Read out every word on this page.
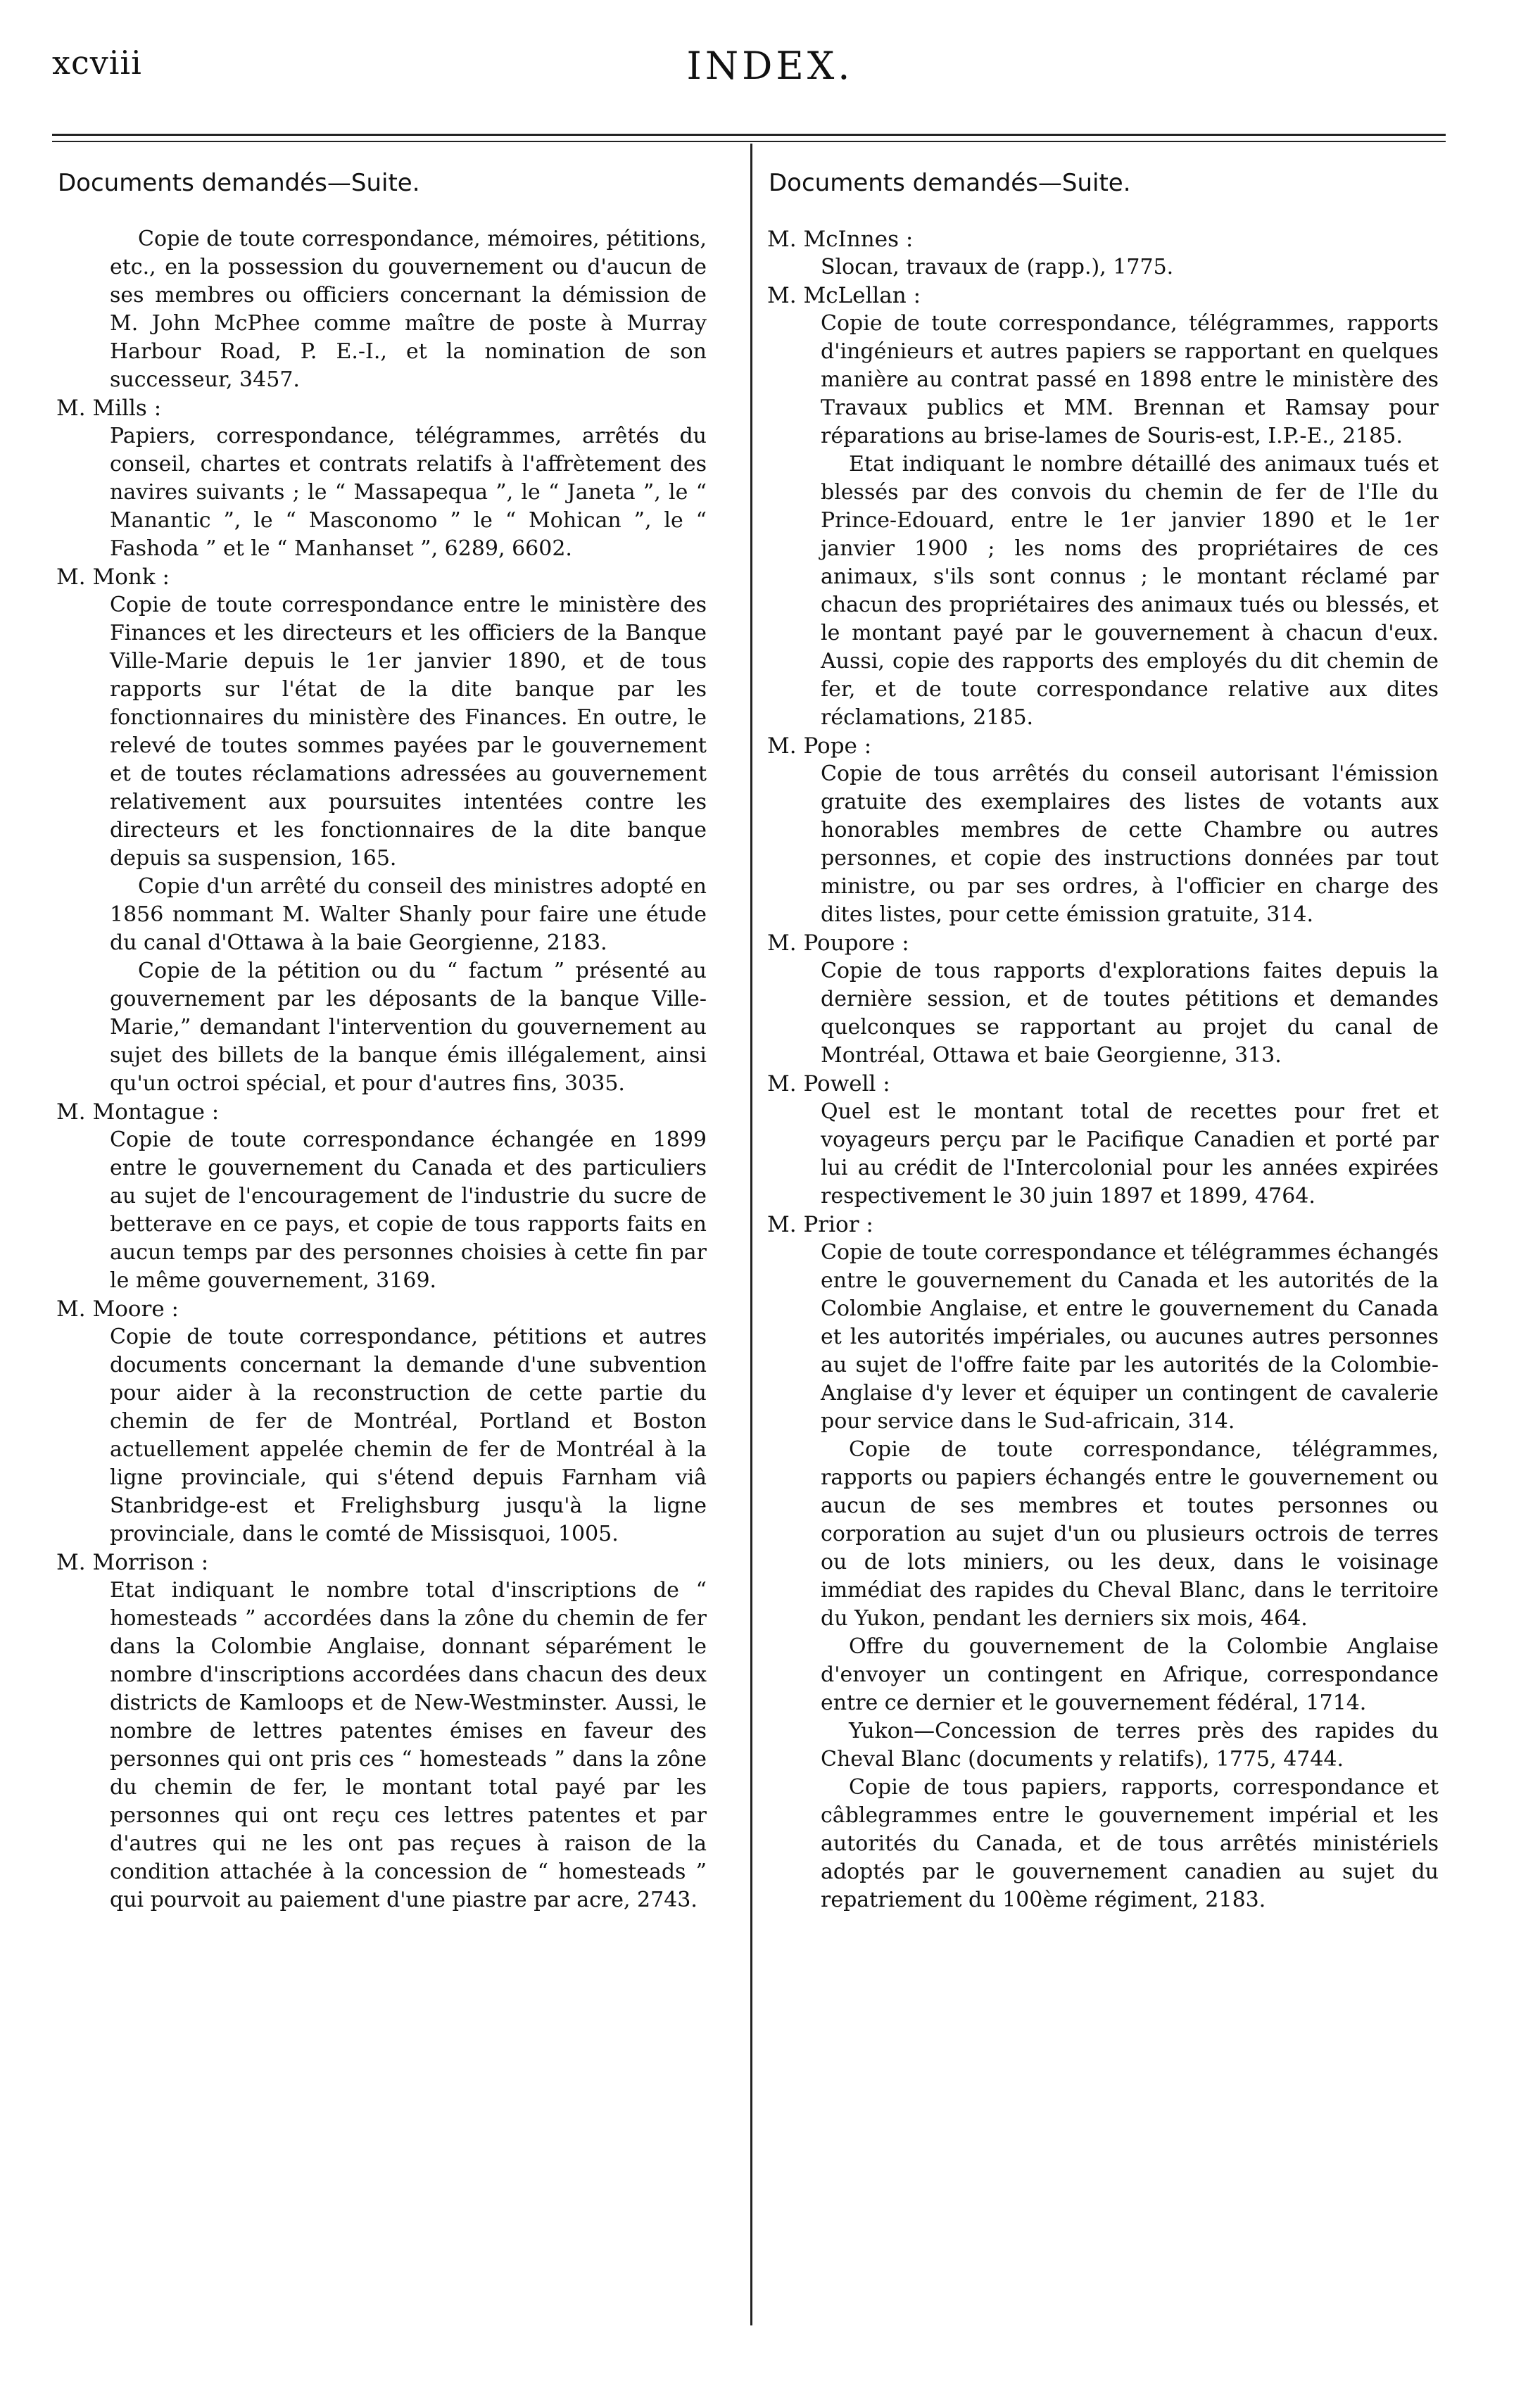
xcviii	INDEX.
Documents demandés—Suite.

Copie de toute correspondance, mémoires, pétitions, etc., en la possession du gouvernement ou d'aucun de ses membres ou officiers concernant la démission de M. John McPhee comme maître de poste à Murray Harbour Road, P. E.-I., et la nomination de son successeur, 3457.

M. Mills :

Papiers, correspondance, télégrammes, arrêtés du conseil, chartes et contrats relatifs à l'affrètement des navires suivants ; le “ Massapequa ”, le “ Janeta ”, le “ Manantic ”, le “ Masconomo ” le “ Mohican ”, le “ Fashoda ” et le “ Manhanset ”, 6289, 6602.

M. Monk :

Copie de toute correspondance entre le ministère des Finances et les directeurs et les officiers de la Banque Ville-Marie depuis le 1er janvier 1890, et de tous rapports sur l'état de la dite banque par les fonctionnaires du ministère des Finances. En outre, le relevé de toutes sommes payées par le gouvernement et de toutes réclamations adressées au gouvernement relativement aux poursuites intentées contre les directeurs et les fonctionnaires de la dite banque depuis sa suspension, 165.

Copie d'un arrêté du conseil des ministres adopté en 1856 nommant M. Walter Shanly pour faire une étude du canal d'Ottawa à la baie Georgienne, 2183.

Copie de la pétition ou du “ factum ” présenté au gouvernement par les déposants de la banque Ville-Marie,” demandant l'intervention du gouvernement au sujet des billets de la banque émis illégalement, ainsi qu'un octroi spécial, et pour d'autres fins, 3035.

M. Montague :

Copie de toute correspondance échangée en 1899 entre le gouvernement du Canada et des particuliers au sujet de l'encouragement de l'industrie du sucre de betterave en ce pays, et copie de tous rapports faits en aucun temps par des personnes choisies à cette fin par le même gouvernement, 3169.

M. Moore :

Copie de toute correspondance, pétitions et autres documents concernant la demande d'une subvention pour aider à la reconstruction de cette partie du chemin de fer de Montréal, Portland et Boston actuellement appelée chemin de fer de Montréal à la ligne provinciale, qui s'étend depuis Farnham viâ Stanbridge-est et Frelighsburg jusqu'à la ligne provinciale, dans le comté de Missisquoi, 1005.

M. Morrison :

Etat indiquant le nombre total d'inscriptions de “ homesteads ” accordées dans la zône du chemin de fer dans la Colombie Anglaise, donnant séparément le nombre d'inscriptions accordées dans chacun des deux districts de Kamloops et de New-Westminster. Aussi, le nombre de lettres patentes émises en faveur des personnes qui ont pris ces “ homesteads ” dans la zône du chemin de fer, le montant total payé par les personnes qui ont reçu ces lettres patentes et par d'autres qui ne les ont pas reçues à raison de la condition attachée à la concession de “ homesteads ” qui pourvoit au paiement d'une piastre par acre, 2743.

Documents demandés—Suite.
M. McInnes :

Slocan, travaux de (rapp.), 1775.

M. McLellan :

Copie de toute correspondance, télégrammes, rapports d'ingénieurs et autres papiers se rapportant en quelques manière au contrat passé en 1898 entre le ministère des Travaux publics et MM. Brennan et Ramsay pour réparations au brise-lames de Souris-est, I.P.-E., 2185.

Etat indiquant le nombre détaillé des animaux tués et blessés par des convois du chemin de fer de l'Ile du Prince-Edouard, entre le 1er janvier 1890 et le 1er janvier 1900 ; les noms des propriétaires de ces animaux, s'ils sont connus ; le montant réclamé par chacun des propriétaires des animaux tués ou blessés, et le montant payé par le gouvernement à chacun d'eux. Aussi, copie des rapports des employés du dit chemin de fer, et de toute correspondance relative aux dites réclamations, 2185.

M. Pope :

Copie de tous arrêtés du conseil autorisant l'émission gratuite des exemplaires des listes de votants aux honorables membres de cette Chambre ou autres personnes, et copie des instructions données par tout ministre, ou par ses ordres, à l'officier en charge des dites listes, pour cette émission gratuite, 314.

M. Poupore :

Copie de tous rapports d'explorations faites depuis la dernière session, et de toutes pétitions et demandes quelconques se rapportant au projet du canal de Montréal, Ottawa et baie Georgienne, 313.

M. Powell :

Quel est le montant total de recettes pour fret et voyageurs perçu par le Pacifique Canadien et porté par lui au crédit de l'Intercolonial pour les années expirées respectivement le 30 juin 1897 et 1899, 4764.

M. Prior :

Copie de toute correspondance et télégrammes échangés entre le gouvernement du Canada et les autorités de la Colombie Anglaise, et entre le gouvernement du Canada et les autorités impériales, ou aucunes autres personnes au sujet de l'offre faite par les autorités de la Colombie-Anglaise d'y lever et équiper un contingent de cavalerie pour service dans le Sud-africain, 314.

Copie de toute correspondance, télégrammes, rapports ou papiers échangés entre le gouvernement ou aucun de ses membres et toutes personnes ou corporation au sujet d'un ou plusieurs octrois de terres ou de lots miniers, ou les deux, dans le voisinage immédiat des rapides du Cheval Blanc, dans le territoire du Yukon, pendant les derniers six mois, 464.

Offre du gouvernement de la Colombie Anglaise d'envoyer un contingent en Afrique, correspondance entre ce dernier et le gouvernement fédéral, 1714.

Yukon—Concession de terres près des rapides du Cheval Blanc (documents y relatifs), 1775, 4744.

Copie de tous papiers, rapports, correspondance et câblegrammes entre le gouvernement impérial et les autorités du Canada, et de tous arrêtés ministériels adoptés par le gouvernement canadien au sujet du repatriement du 100ème régiment, 2183.
